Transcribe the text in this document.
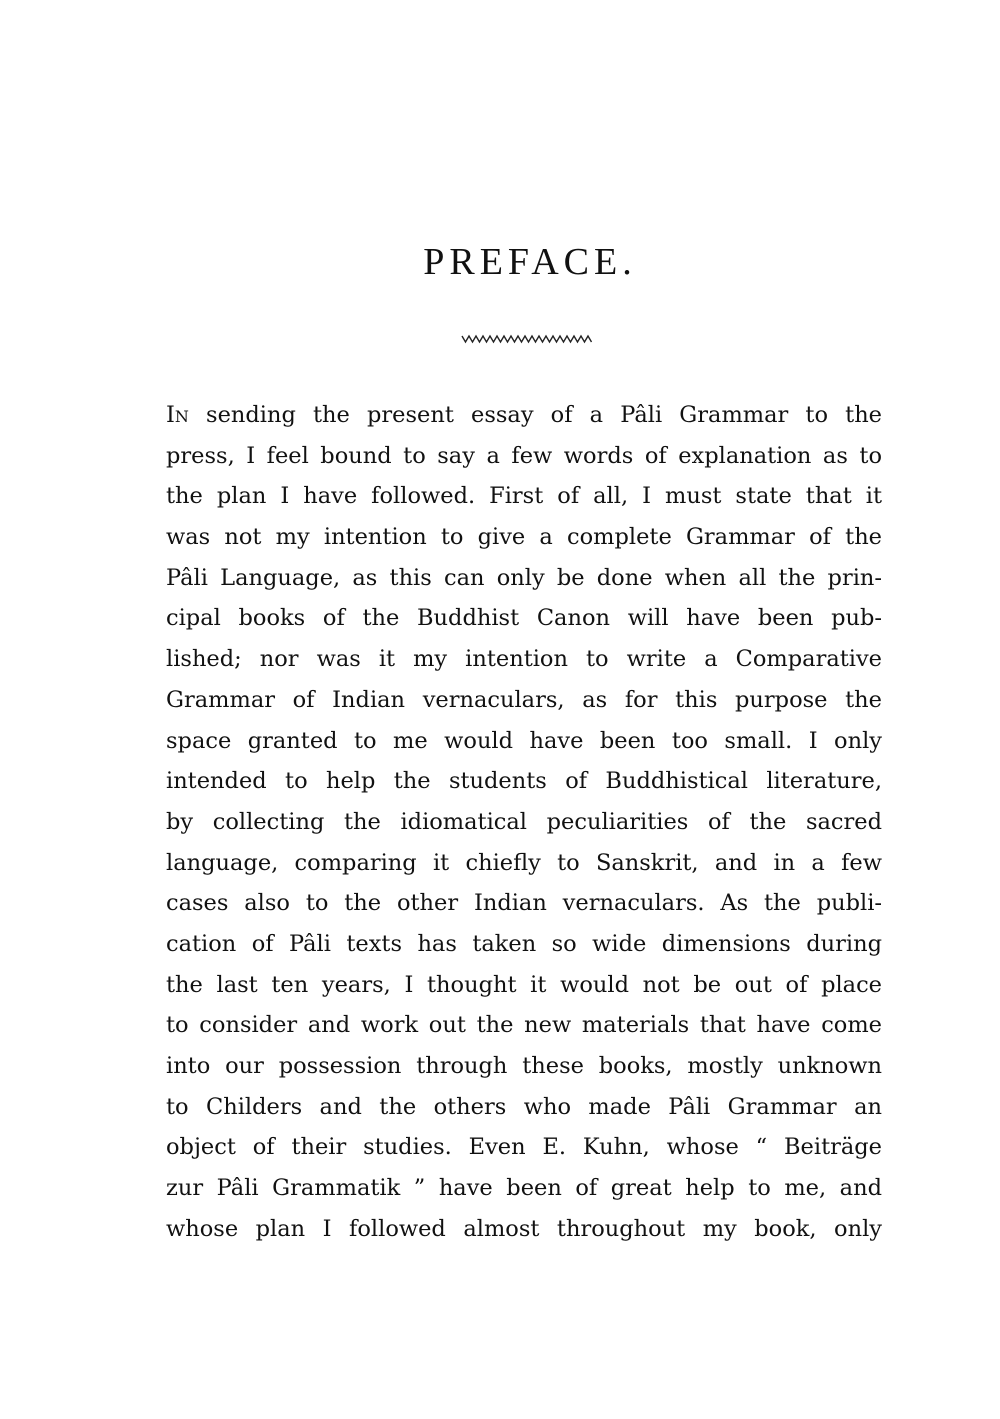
PREFACE.
In sending the present essay of a Pâli Grammar to the
press, I feel bound to say a few words of explanation as to
the plan I have followed. First of all, I must state that it
was not my intention to give a complete Grammar of the
Pâli Language, as this can only be done when all the prin-
cipal books of the Buddhist Canon will have been pub-
lished; nor was it my intention to write a Comparative
Grammar of Indian vernaculars, as for this purpose the
space granted to me would have been too small. I only
intended to help the students of Buddhistical literature,
by collecting the idiomatical peculiarities of the sacred
language, comparing it chiefly to Sanskrit, and in a few
cases also to the other Indian vernaculars. As the publi-
cation of Pâli texts has taken so wide dimensions during
the last ten years, I thought it would not be out of place
to consider and work out the new materials that have come
into our possession through these books, mostly unknown
to Childers and the others who made Pâli Grammar an
object of their studies. Even E. Kuhn, whose “ Beiträge
zur Pâli Grammatik ” have been of great help to me, and
whose plan I followed almost throughout my book, only
